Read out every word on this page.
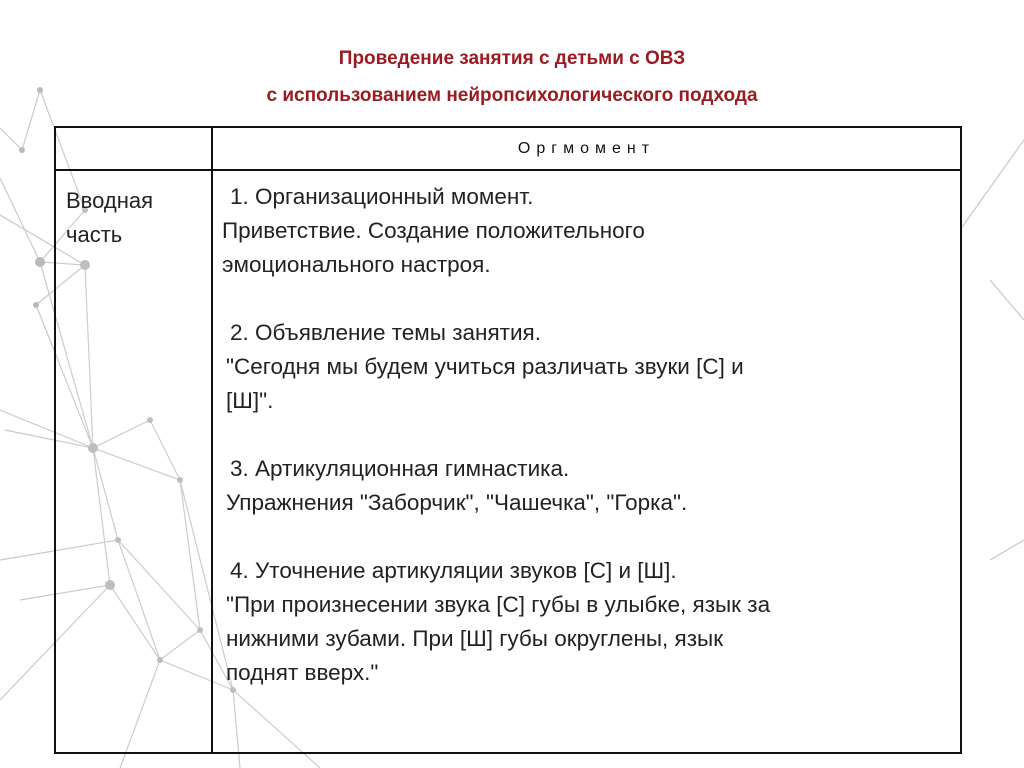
Проведение занятия с детьми с ОВЗ
с использованием нейропсихологического подхода
Оргмомент

Вводная часть

1. Организационный момент.
Приветствие. Создание положительного
эмоционального настроя.

2. Объявление темы занятия.
"Сегодня мы будем учиться различать звуки [С] и
[Ш]".

3. Артикуляционная гимнастика.
Упражнения "Заборчик", "Чашечка", "Горка".

4. Уточнение артикуляции звуков [С] и [Ш].
"При произнесении звука [С] губы в улыбке, язык за
нижними зубами. При [Ш] губы округлены, язык
поднят вверх."
